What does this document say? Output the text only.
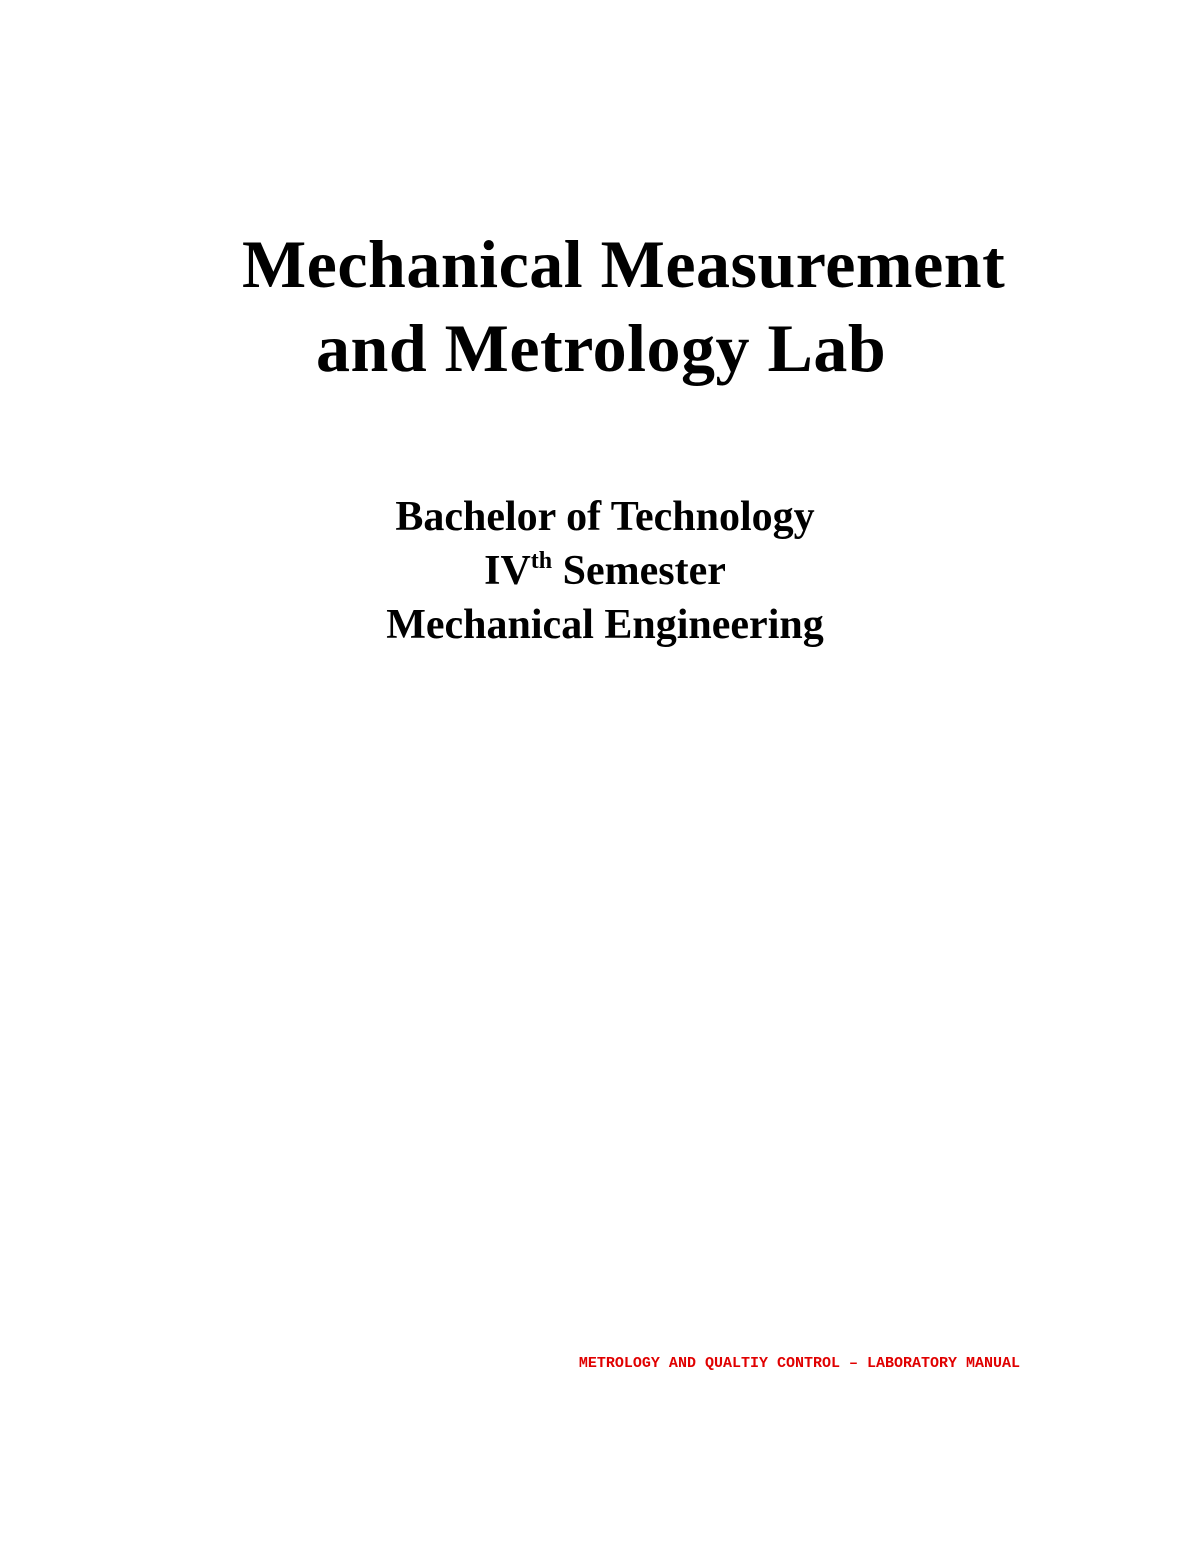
Mechanical Measurement
and Metrology Lab
Bachelor of Technology
IVth Semester
Mechanical Engineering
METROLOGY AND QUALTIY CONTROL – LABORATORY MANUAL
